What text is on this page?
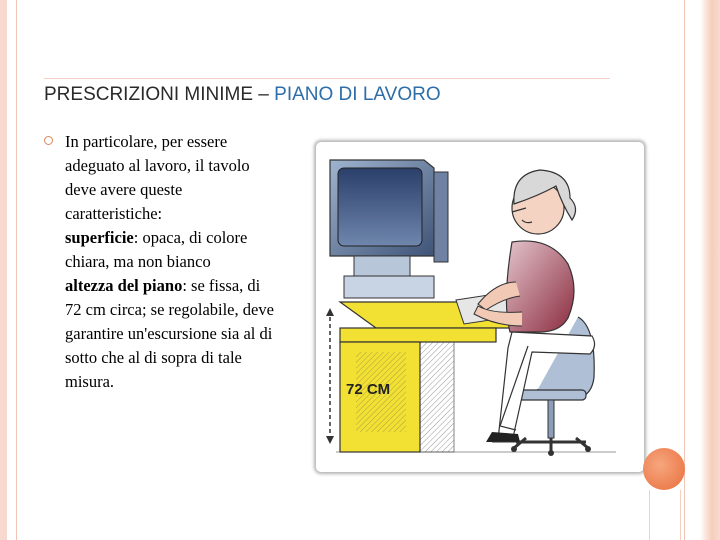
PRESCRIZIONI MINIME – PIANO DI LAVORO
In particolare, per essere
adeguato al lavoro, il tavolo
deve avere queste
caratteristiche:
superficie: opaca, di colore
chiara, ma non bianco
altezza del piano: se fissa, di
72 cm circa; se regolabile, deve
garantire un'escursione sia al di
sotto che al di sopra di tale
misura.	72 CM
